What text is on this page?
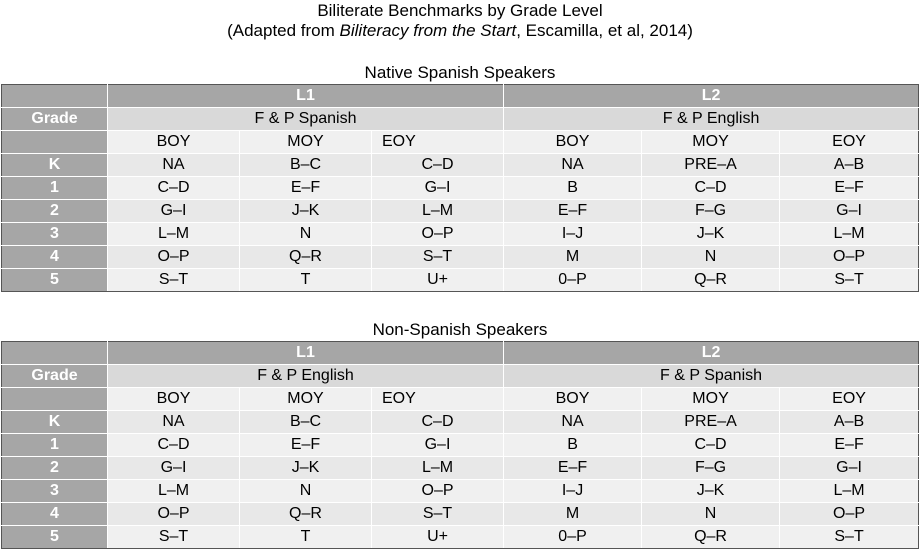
Biliterate Benchmarks by Grade Level
(Adapted from Biliteracy from the Start, Escamilla, et al, 2014)
Native Spanish Speakers
	L1			L2		
Grade	F & P Spanish			F & P English		
	BOY	MOY	EOY	BOY	MOY	EOY
K	NA	B–C	C–D	NA	PRE–A	A–B
1	C–D	E–F	G–I	B	C–D	E–F
2	G–I	J–K	L–M	E–F	F–G	G–I
3	L–M	N	O–P	I–J	J–K	L–M
4	O–P	Q–R	S–T	M	N	O–P
5	S–T	T	U+	0–P	Q–R	S–T
Non-Spanish Speakers
	L1			L2		
Grade	F & P English			F & P Spanish		
	BOY	MOY	EOY	BOY	MOY	EOY
K	NA	B–C	C–D	NA	PRE–A	A–B
1	C–D	E–F	G–I	B	C–D	E–F
2	G–I	J–K	L–M	E–F	F–G	G–I
3	L–M	N	O–P	I–J	J–K	L–M
4	O–P	Q–R	S–T	M	N	O–P
5	S–T	T	U+	0–P	Q–R	S–T
